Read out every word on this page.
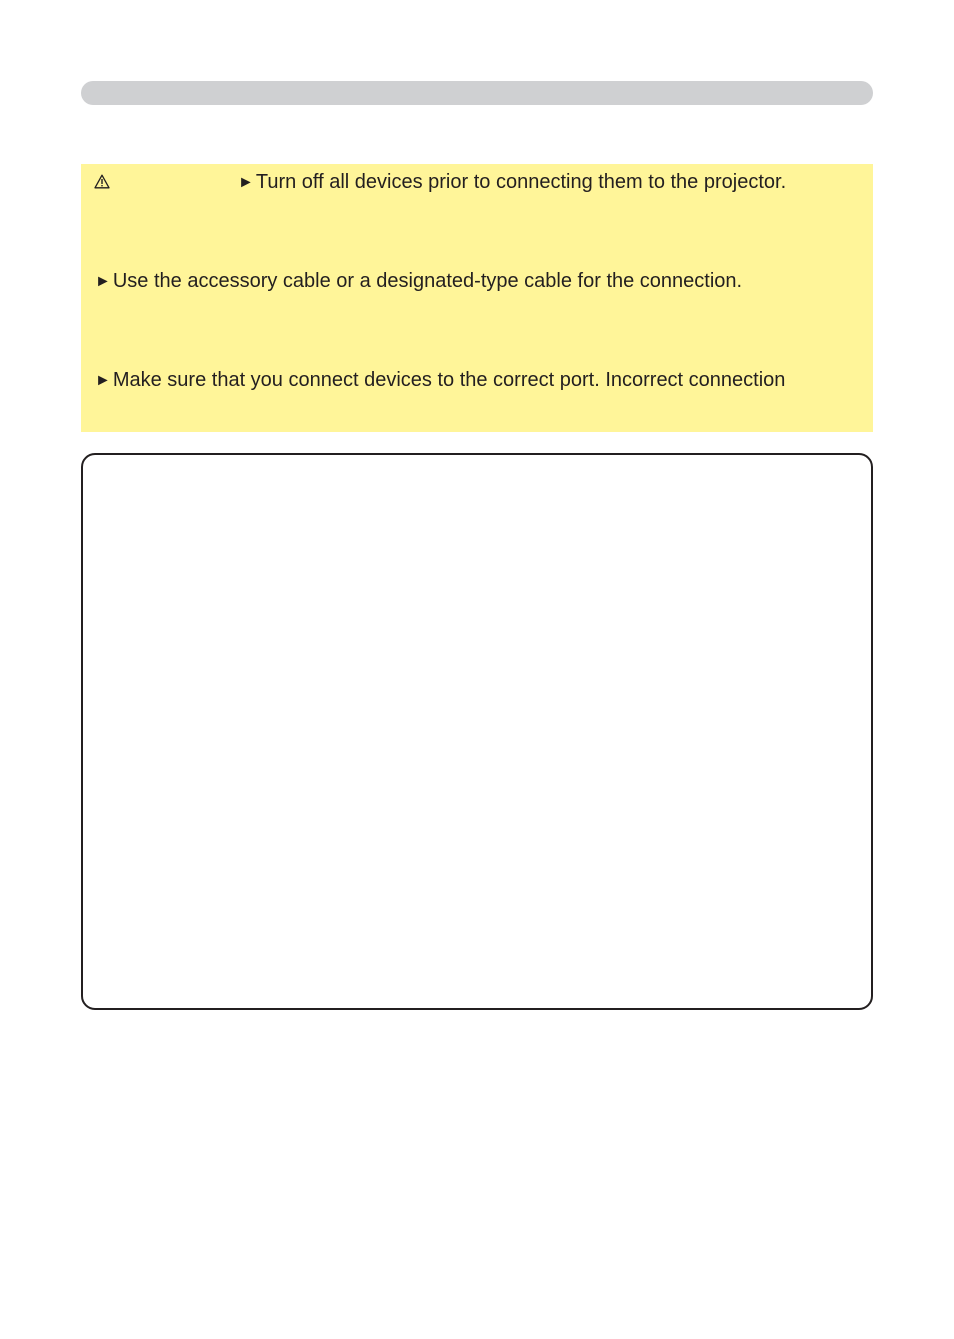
► Turn off all devices prior to connecting them to the projector.

► Use the accessory cable or a designated-type cable for the connection.

► Make sure that you connect devices to the correct port. Incorrect connection
